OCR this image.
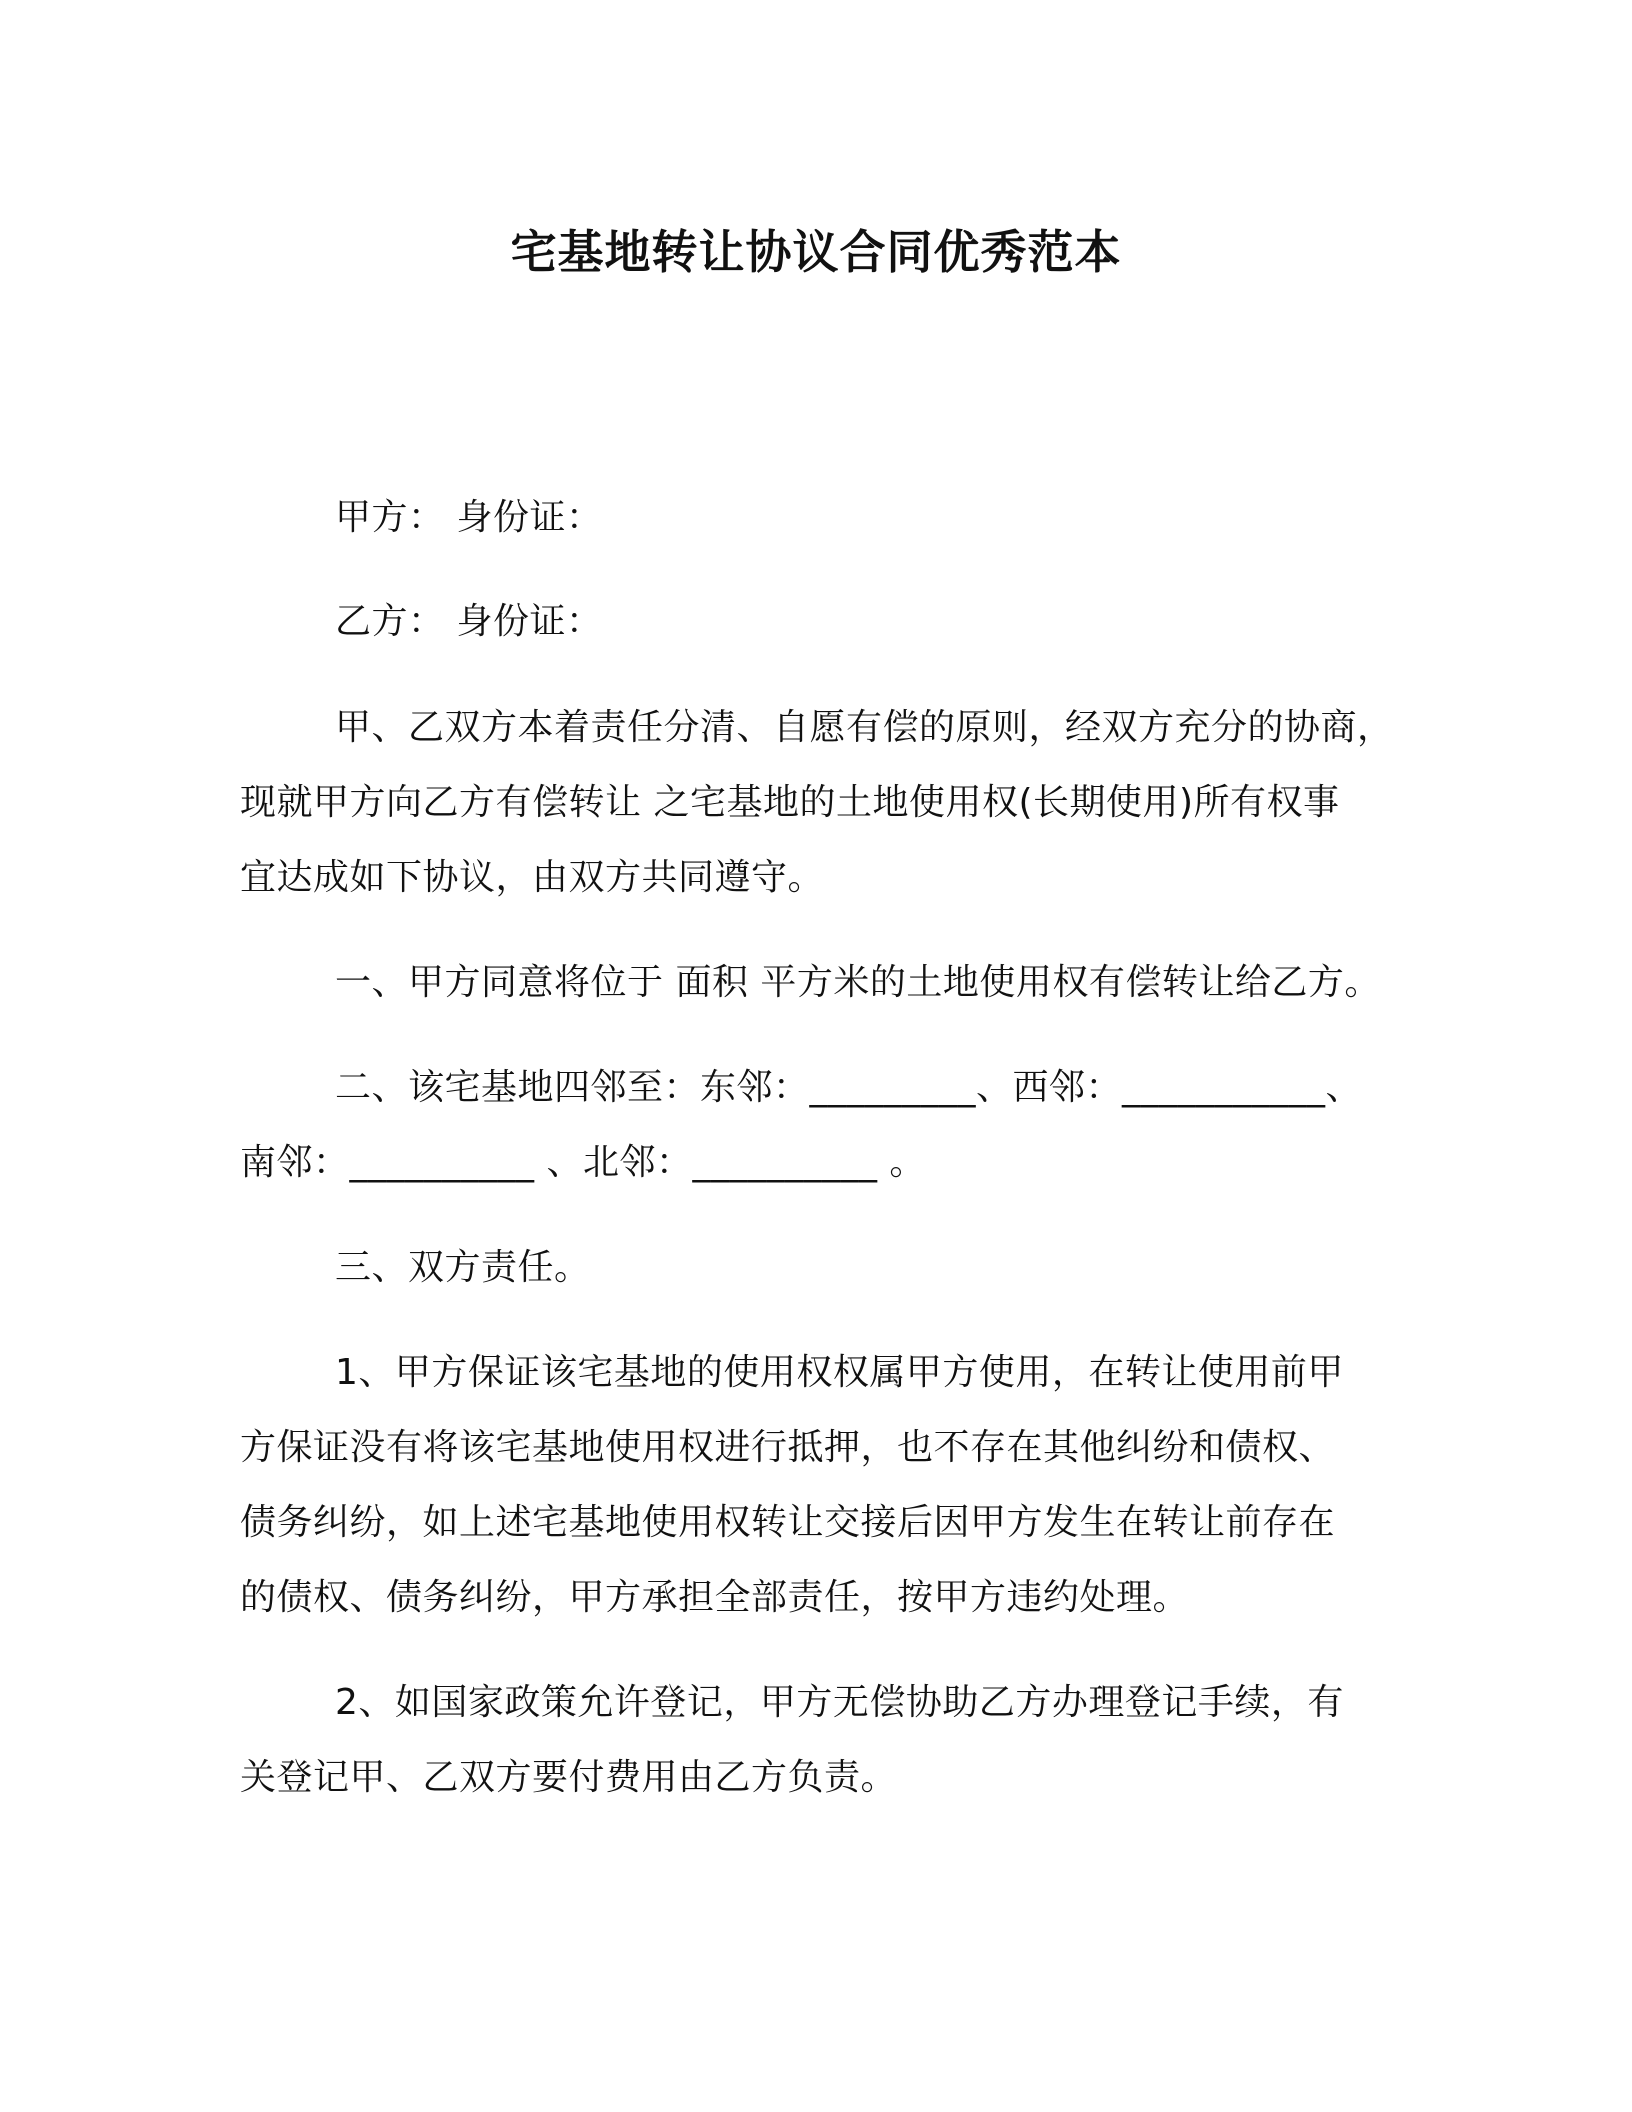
宅基地转让协议合同优秀范本
甲方： 身份证：
乙方： 身份证：
甲、乙双方本着责任分清、自愿有偿的原则，经双方充分的协商，
现就甲方向乙方有偿转让 之宅基地的土地使用权(长期使用)所有权事
宜达成如下协议，由双方共同遵守。
一、甲方同意将位于 面积 平方米的土地使用权有偿转让给乙方。
二、该宅基地四邻至：东邻：_________、西邻：___________、
南邻：__________ 、北邻：__________ 。
三、双方责任。
1、甲方保证该宅基地的使用权权属甲方使用，在转让使用前甲
方保证没有将该宅基地使用权进行抵押，也不存在其他纠纷和债权、
债务纠纷，如上述宅基地使用权转让交接后因甲方发生在转让前存在
的债权、债务纠纷，甲方承担全部责任，按甲方违约处理。
2、如国家政策允许登记，甲方无偿协助乙方办理登记手续，有
关登记甲、乙双方要付费用由乙方负责。
